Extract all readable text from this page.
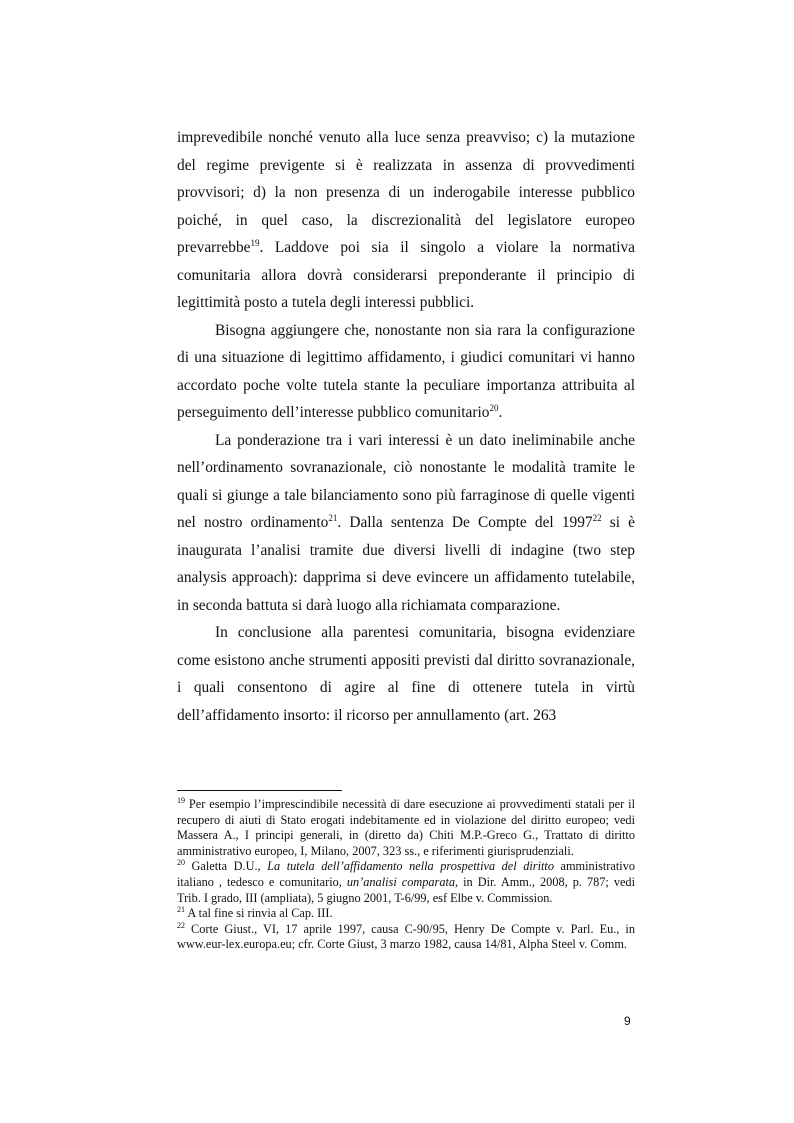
imprevedibile nonché venuto alla luce senza preavviso; c) la mutazione del regime previgente si è realizzata in assenza di provvedimenti provvisori; d) la non presenza di un inderogabile interesse pubblico poiché, in quel caso, la discrezionalità del legislatore europeo prevarrebbe$^{19}$. Laddove poi sia il singolo a violare la normativa comunitaria allora dovrà considerarsi preponderante il principio di legittimità posto a tutela degli interessi pubblici.

Bisogna aggiungere che, nonostante non sia rara la configurazione di una situazione di legittimo affidamento, i giudici comunitari vi hanno accordato poche volte tutela stante la peculiare importanza attribuita al perseguimento dell’interesse pubblico comunitario$^{20}$.

La ponderazione tra i vari interessi è un dato ineliminabile anche nell’ordinamento sovranazionale, ciò nonostante le modalità tramite le quali si giunge a tale bilanciamento sono più farraginose di quelle vigenti nel nostro ordinamento$^{21}$. Dalla sentenza De Compte del 1997$^{22}$ si è inaugurata l’analisi tramite due diversi livelli di indagine (two step analysis approach): dapprima si deve evincere un affidamento tutelabile, in seconda battuta si darà luogo alla richiamata comparazione.

In conclusione alla parentesi comunitaria, bisogna evidenziare come esistono anche strumenti appositi previsti dal diritto sovranazionale, i quali consentono di agire al fine di ottenere tutela in virtù dell’affidamento insorto: il ricorso per annullamento (art. 263

$^{19}$ Per esempio l’imprescindibile necessità di dare esecuzione ai provvedimenti statali per il recupero di aiuti di Stato erogati indebitamente ed in violazione del diritto europeo; vedi Massera A., I principi generali, in (diretto da) Chiti M.P.-Greco G., Trattato di diritto amministrativo europeo, I, Milano, 2007, 323 ss., e riferimenti giurisprudenziali.

$^{20}$ Galetta D.U., La tutela dell’affidamento nella prospettiva del diritto amministrativo italiano , tedesco e comunitario, un’analisi comparata, in Dir. Amm., 2008, p. 787; vedi Trib. I grado, III (ampliata), 5 giugno 2001, T-6/99, esf Elbe v. Commission.

$^{21}$ A tal fine si rinvia al Cap. III.

$^{22}$ Corte Giust., VI, 17 aprile 1997, causa C-90/95, Henry De Compte v. Parl. Eu., in www.eur-lex.europa.eu; cfr. Corte Giust, 3 marzo 1982, causa 14/81, Alpha Steel v. Comm.

9
